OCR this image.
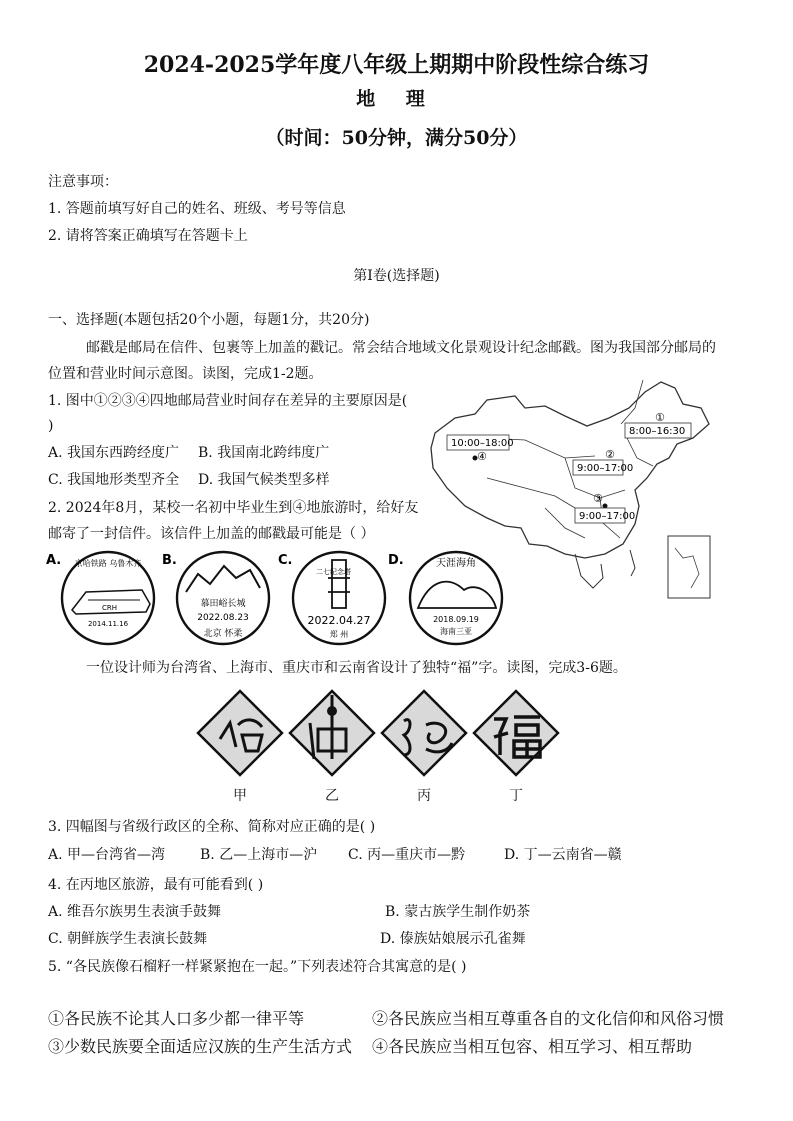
2024-2025学年度八年级上期期中阶段性综合练习
地 理
（时间：50分钟，满分50分）
注意事项：
1. 答题前填写好自己的姓名、班级、考号等信息
2. 请将答案正确填写在答题卡上
第Ⅰ卷(选择题)
一、选择题(本题包括20个小题，每题1分，共20分)
邮戳是邮局在信件、包裹等上加盖的戳记。常会结合地域文化景观设计纪念邮戳。图为我国部分邮局的
位置和营业时间示意图。读图，完成1-2题。
1. 图中①②③④四地邮局营业时间存在差异的主要原因是(
)
A. 我国东西跨经度广 B. 我国南北跨纬度广
C. 我国地形类型齐全 D. 我国气候类型多样
2. 2024年8月，某校一名初中毕业生到④地旅游时，给好友
邮寄了一封信件。该信件上加盖的邮戳最可能是（ ）
④
10:00–18:00
①
8:00–16:30
②
9:00–17:00
③
9:00–17:00
A. 京哈铁路 乌鲁木齐
CRH
2014.11.16
B.
慕田峪长城
2022.08.23
北京 怀柔
C.
二七纪念塔
2022.04.27
郑 州
D.	天涯海角
2018.09.19
海南三亚
一位设计师为台湾省、上海市、重庆市和云南省设计了独特“福”字。读图，完成3-6题。
甲	乙	丙	丁
3. 四幅图与省级行政区的全称、简称对应正确的是( )
A. 甲—台湾省—湾 B. 乙—上海市—沪 C. 丙—重庆市—黔	D. 丁—云南省—赣
4. 在丙地区旅游，最有可能看到( )
A. 维吾尔族男生表演手鼓舞	B. 蒙古族学生制作奶茶
C. 朝鲜族学生表演长鼓舞	D. 傣族姑娘展示孔雀舞
5. “各民族像石榴籽一样紧紧抱在一起。”下列表述符合其寓意的是( )
①各民族不论其人口多少都一律平等	②各民族应当相互尊重各自的文化信仰和风俗习惯
③少数民族要全面适应汉族的生产生活方式 ④各民族应当相互包容、相互学习、相互帮助
